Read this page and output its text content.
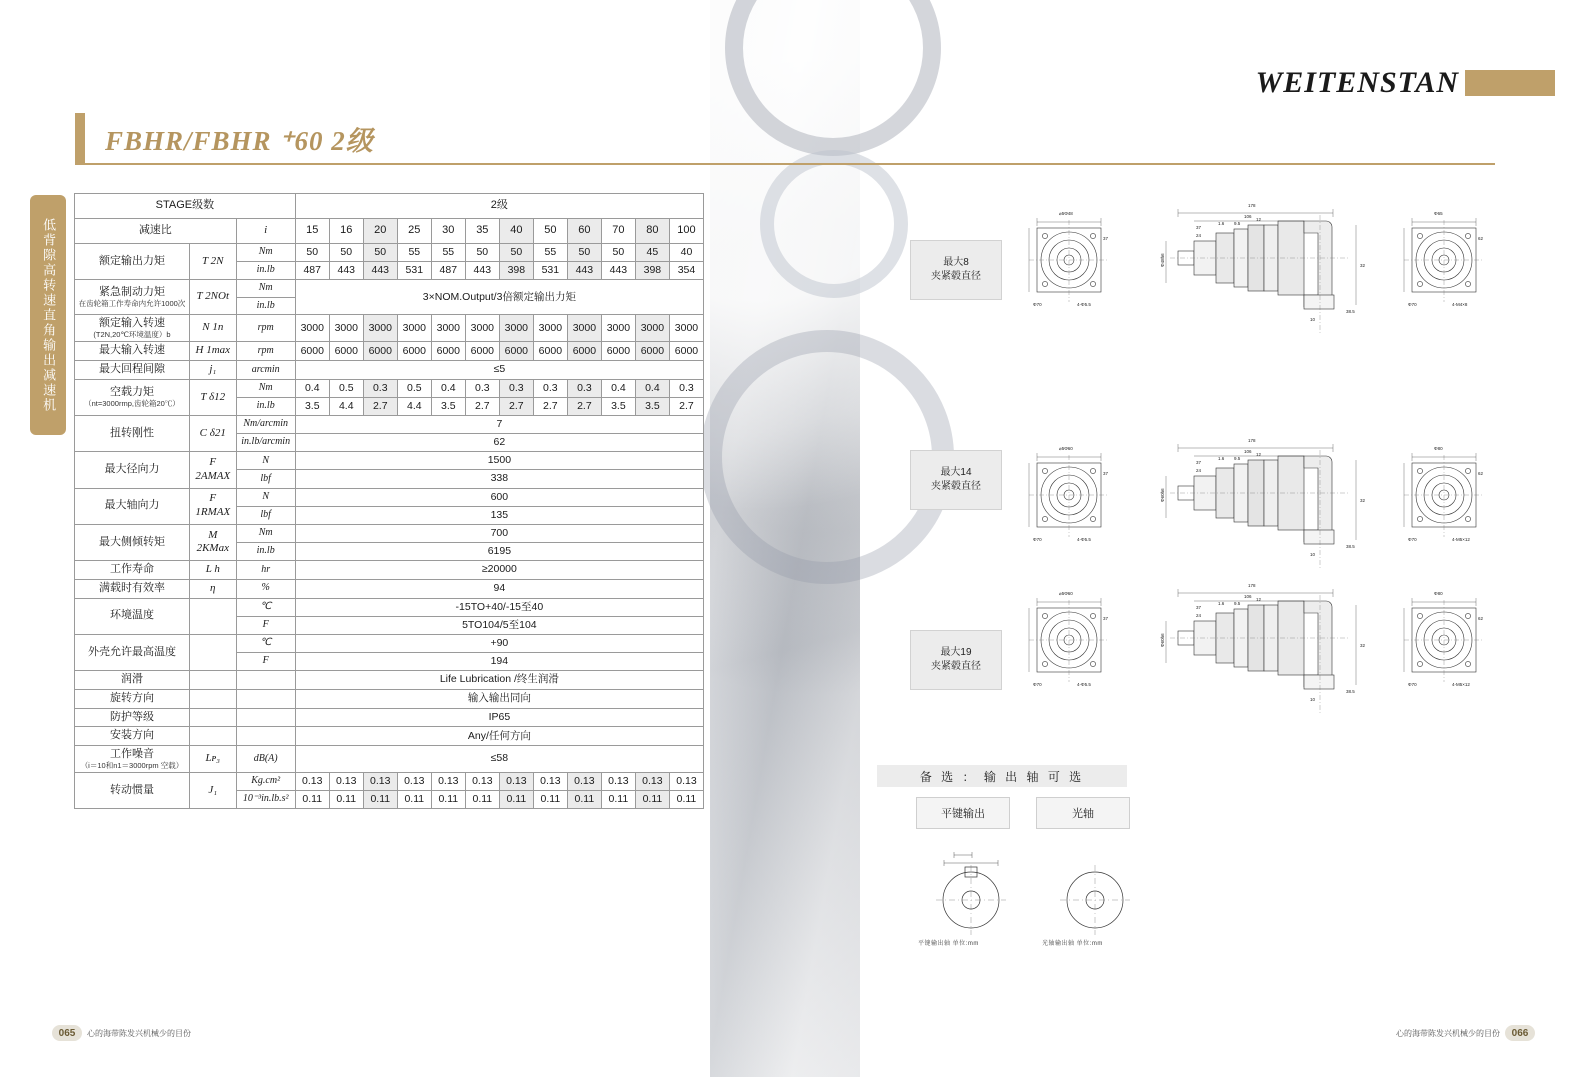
低背隙高转速直角输出减速机
WEITENSTAN
FBHR/FBHR ⁺60 2级
STAGE级数			2级											
减速比		i	15	16	20	25	30	35	40	50	60	70	80	100
额定输出力矩	T 2N	Nm	50	50	50	55	55	50	50	55	50	50	45	40
		in.lb	487	443	443	531	487	443	398	531	443	443	398	354
紧急制动力矩
在齿轮箱工作寿命内允许1000次	T 2NOt	Nm	3×NOM.Output/3倍额定输出力矩											
		in.lb												
额定输入转速
(T2N,20℃环境温度）b	N 1n	rpm	3000	3000	3000	3000	3000	3000	3000	3000	3000	3000	3000	3000
最大输入转速	H 1max	rpm	6000	6000	6000	6000	6000	6000	6000	6000	6000	6000	6000	6000
最大回程间隙	j₁	arcmin	≤5											
空载力矩
（nt=3000rmp,齿轮箱20℃）	T δ12	Nm	0.4	0.5	0.3	0.5	0.4	0.3	0.3	0.3	0.3	0.4	0.4	0.3
		in.lb	3.5	4.4	2.7	4.4	3.5	2.7	2.7	2.7	2.7	3.5	3.5	2.7
扭转刚性	C δ21	Nm/arcmin	7											
		in.lb/arcmin	62											
最大径向力	F 2AMAX	N	1500											
		lbf	338											
最大轴向力	F 1RMAX	N	600											
		lbf	135											
最大侧倾转矩	M 2KMax	Nm	700											
		in.lb	6195											
工作寿命	L h	hr	≥20000											
满载时有效率	η	%	94											
环境温度		℃	-15TO+40/-15至40											
		F	5TO104/5至104											
外壳允许最高温度		℃	+90											
		F	194											
润滑			Life Lubrication /终生润滑											
旋转方向			输入输出同向											
防护等级			IP65											
安装方向			Any/任何方向											
工作噪音
（i＝10和n1＝3000rpm 空载）	Lᴘ₃	dB(A)	≤58											
转动惯量	J₁	Kg.cm²	0.13	0.13	0.13	0.13	0.13	0.13	0.13	0.13	0.13	0.13	0.13	0.13
		10⁻³in.lb.s²	0.11	0.11	0.11	0.11	0.11	0.11	0.11	0.11	0.11	0.11	0.11	0.11
最大8
夹紧毂直径
⌀5Φ48
37
Φ70	4-Φ5.5
178
106
37
24
1.6 9.5
12
Φ48h6
10
38.5
32
Φ65
62
Φ70	4-M4×8
最大14
夹紧毂直径
⌀5Φ60
37
Φ70	4-Φ5.5
178
106
37
24
1.6 9.5
12
Φ60h6
10
38.5
32
Φ80
62
Φ70	4-M5×12
最大19
夹紧毂直径
⌀5Φ60
37
Φ70	4-Φ5.5
178
106
37
24
1.6 9.5
12
Φ60h6
10
38.5
32
Φ80
62
Φ70	4-M5×12
备 选 ： 输 出 轴 可 选
平键输出	光轴
平键输出轴 单位:mm	光轴输出轴 单位:mm
065	心的海带陈发兴机械少的目份	心的海带陈发兴机械少的目份	066
